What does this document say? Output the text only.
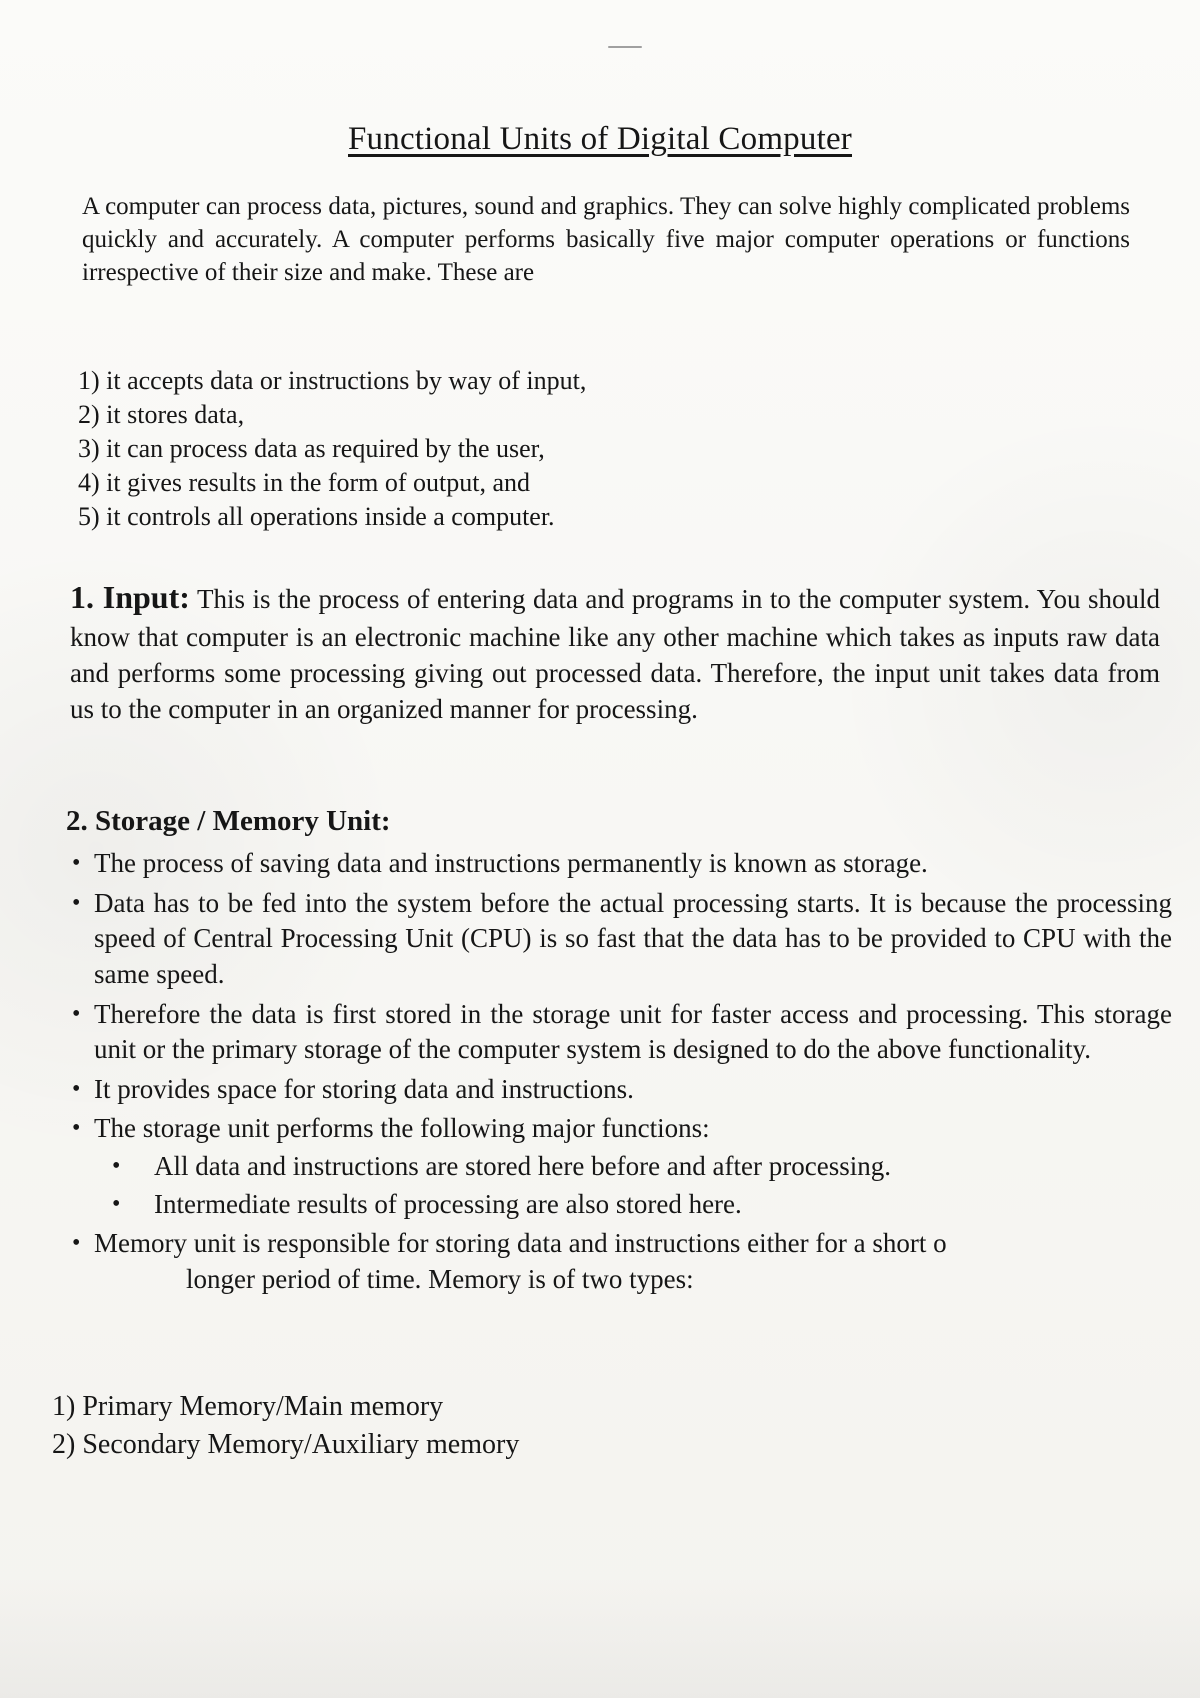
Functional Units of Digital Computer
A computer can process data, pictures, sound and graphics. They can solve highly complicated problems quickly and accurately. A computer performs basically five major computer operations or functions irrespective of their size and make. These are
1) it accepts data or instructions by way of input,
2) it stores data,
3) it can process data as required by the user,
4) it gives results in the form of output, and
5) it controls all operations inside a computer.
1. Input: This is the process of entering data and programs in to the computer system. You should know that computer is an electronic machine like any other machine which takes as inputs raw data and performs some processing giving out processed data. Therefore, the input unit takes data from us to the computer in an organized manner for processing.
2. Storage / Memory Unit:
• The process of saving data and instructions permanently is known as storage.
• Data has to be fed into the system before the actual processing starts. It is because the processing speed of Central Processing Unit (CPU) is so fast that the data has to be provided to CPU with the same speed.
• Therefore the data is first stored in the storage unit for faster access and processing. This storage unit or the primary storage of the computer system is designed to do the above functionality.
• It provides space for storing data and instructions.
• The storage unit performs the following major functions:
• All data and instructions are stored here before and after processing.
• Intermediate results of processing are also stored here.
• Memory unit is responsible for storing data and instructions either for a short o
longer period of time. Memory is of two types:
1) Primary Memory/Main memory
2) Secondary Memory/Auxiliary memory
